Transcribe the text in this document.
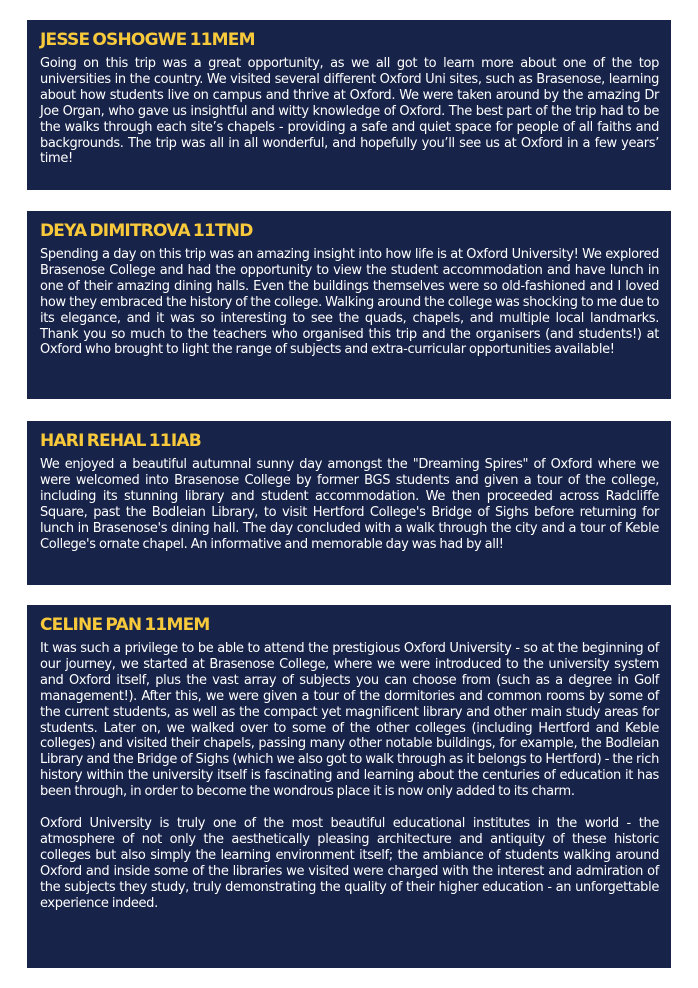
JESSE OSHOGWE 11MEM

Going on this trip was a great opportunity, as we all got to learn more about one of the top universities in the country. We visited several different Oxford Uni sites, such as Brasenose, learning about how students live on campus and thrive at Oxford. We were taken around by the amazing Dr Joe Organ, who gave us insightful and witty knowledge of Oxford. The best part of the trip had to be the walks through each site’s chapels - providing a safe and quiet space for people of all faiths and backgrounds. The trip was all in all wonderful, and hopefully you’ll see us at Oxford in a few years’ time!

DEYA DIMITROVA 11TND

Spending a day on this trip was an amazing insight into how life is at Oxford University! We explored Brasenose College and had the opportunity to view the student accommodation and have lunch in one of their amazing dining halls. Even the buildings themselves were so old-fashioned and I loved how they embraced the history of the college. Walking around the college was shocking to me due to its elegance, and it was so interesting to see the quads, chapels, and multiple local landmarks. Thank you so much to the teachers who organised this trip and the organisers (and students!) at Oxford who brought to light the range of subjects and extra-curricular opportunities available!

HARI REHAL 11IAB

We enjoyed a beautiful autumnal sunny day amongst the "Dreaming Spires" of Oxford where we were welcomed into Brasenose College by former BGS students and given a tour of the college, including its stunning library and student accommodation. We then proceeded across Radcliffe Square, past the Bodleian Library, to visit Hertford College's Bridge of Sighs before returning for lunch in Brasenose's dining hall. The day concluded with a walk through the city and a tour of Keble College's ornate chapel. An informative and memorable day was had by all!

CELINE PAN 11MEM

It was such a privilege to be able to attend the prestigious Oxford University - so at the beginning of our journey, we started at Brasenose College, where we were introduced to the university system and Oxford itself, plus the vast array of subjects you can choose from (such as a degree in Golf management!). After this, we were given a tour of the dormitories and common rooms by some of the current students, as well as the compact yet magnificent library and other main study areas for students. Later on, we walked over to some of the other colleges (including Hertford and Keble colleges) and visited their chapels, passing many other notable buildings, for example, the Bodleian Library and the Bridge of Sighs (which we also got to walk through as it belongs to Hertford) - the rich history within the university itself is fascinating and learning about the centuries of education it has been through, in order to become the wondrous place it is now only added to its charm.

Oxford University is truly one of the most beautiful educational institutes in the world - the atmosphere of not only the aesthetically pleasing architecture and antiquity of these historic colleges but also simply the learning environment itself; the ambiance of students walking around Oxford and inside some of the libraries we visited were charged with the interest and admiration of the subjects they study, truly demonstrating the quality of their higher education - an unforgettable experience indeed.
